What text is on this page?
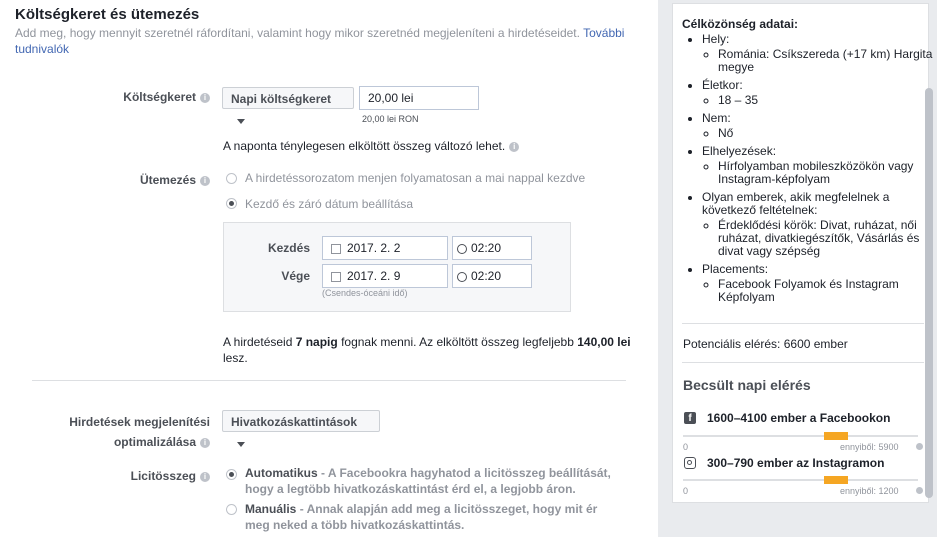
Költségkeret és ütemezés
Add meg, hogy mennyit szeretnél ráfordítani, valamint hogy mikor szeretnéd megjeleníteni a hirdetéseidet. További tudnivalók
Költségkeret i	Napi költségkeret
20,00 lei
20,00 lei RON
A naponta ténylegesen elköltött összeg változó lehet. i
Ütemezés i	A hirdetéssorozatom menjen folyamatosan a mai nappal kezdve
Kezdő és záró dátum beállítása
Kezdés	2017. 2. 2	02:20
Vége	2017. 2. 9	02:20
(Csendes-óceáni idő)
A hirdetéseid 7 napig fognak menni. Az elköltött összeg legfeljebb 140,00 lei lesz.
Hirdetések megjelenítési
optimalizálása i
Hivatkozáskattintások
Licitösszeg i	Automatikus - A Facebookra hagyhatod a licitösszeg beállítását, hogy a legtöbb hivatkozáskattintást érd el, a legjobb áron.
Manuális - Annak alapján add meg a licitösszeget, hogy mit ér meg neked a több hivatkozáskattintás.
Célközönség adatai:
• Hely:
◦ Románia: Csíkszereda (+17 km) Hargita megye
• Életkor:
◦ 18 – 35
• Nem:
◦ Nő
• Elhelyezések:
◦ Hírfolyamban mobileszközökön vagy Instagram-képfolyam
• Olyan emberek, akik megfelelnek a következő feltételnek:
◦ Érdeklődési körök: Divat, ruházat, női ruházat, divatkiegészítők, Vásárlás és divat vagy szépség
• Placements:
◦ Facebook Folyamok és Instagram Képfolyam
Potenciális elérés: 6600 ember
Becsült napi elérés
f	1600–4100 ember a Facebookon
0	ennyiből: 5900
300–790 ember az Instagramon
0	ennyiből: 1200
